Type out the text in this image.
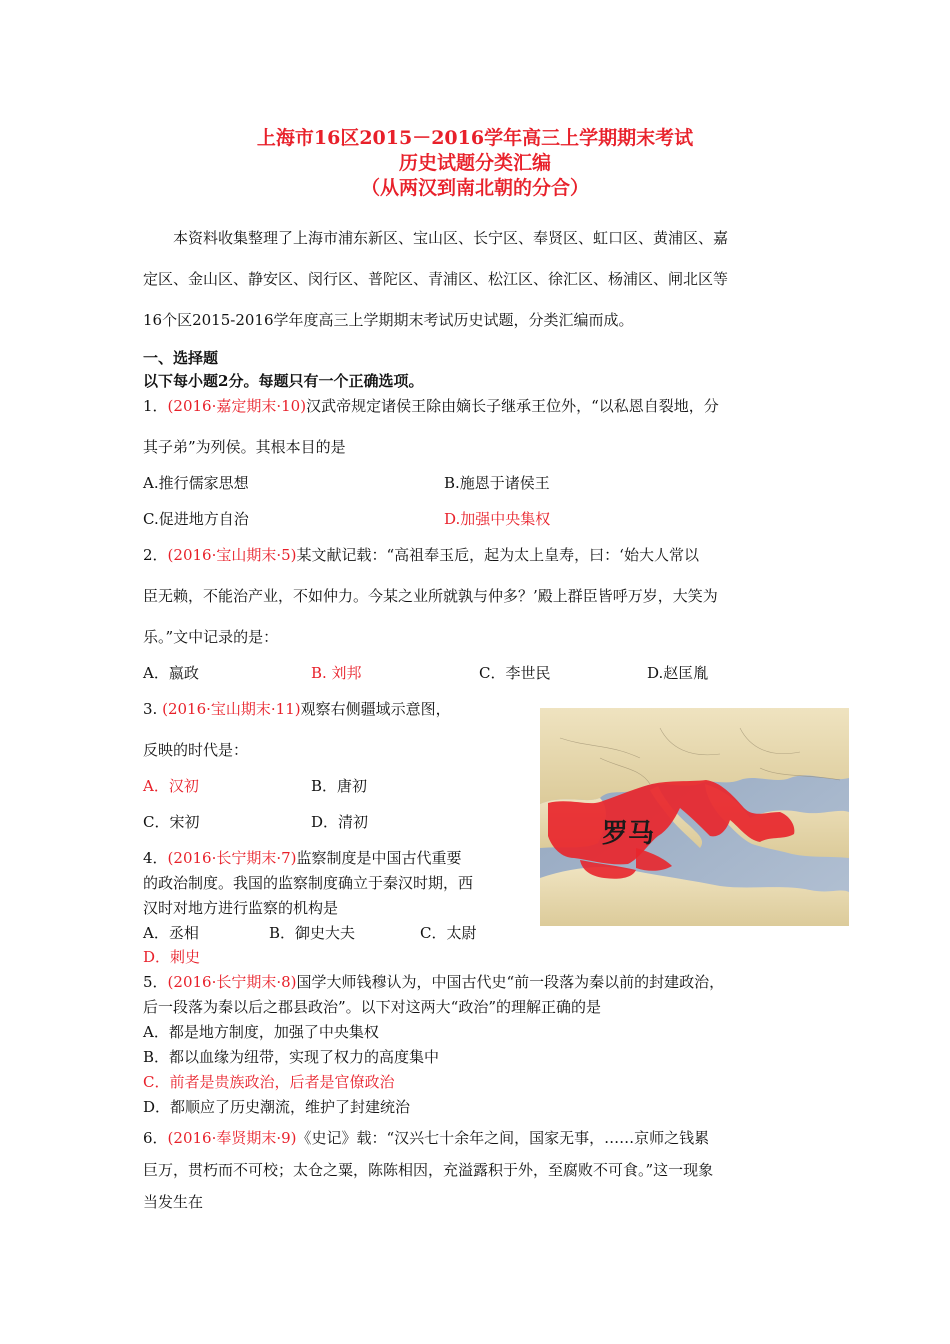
上海市16区2015－2016学年高三上学期期末考试
历史试题分类汇编
（从两汉到南北朝的分合）
本资料收集整理了上海市浦东新区、宝山区、长宁区、奉贤区、虹口区、黄浦区、嘉
定区、金山区、静安区、闵行区、普陀区、青浦区、松江区、徐汇区、杨浦区、闸北区等
16个区2015-2016学年度高三上学期期末考试历史试题，分类汇编而成。
一、选择题
以下每小题2分。每题只有一个正确选项。
1．(2016·嘉定期末·10)汉武帝规定诸侯王除由嫡长子继承王位外，“以私恩自裂地，分
其子弟”为列侯。其根本目的是
A.推行儒家思想	B.施恩于诸侯王
C.促进地方自治	D.加强中央集权
2．(2016·宝山期末·5)某文献记载：“高祖奉玉卮，起为太上皇寿，曰：‘始大人常以
臣无赖，不能治产业，不如仲力。今某之业所就孰与仲多？’殿上群臣皆呼万岁，大笑为
乐。”文中记录的是：
A．嬴政	B. 刘邦	C．李世民	D.赵匡胤
3. (2016·宝山期末·11)观察右侧疆域示意图，
反映的时代是：
A．汉初	B．唐初
C．宋初	D．清初	罗马
4．(2016·长宁期末·7)监察制度是中国古代重要
的政治制度。我国的监察制度确立于秦汉时期，西
汉时对地方进行监察的机构是
A．丞相	B．御史大夫	C．太尉
D．刺史
5．(2016·长宁期末·8)国学大师钱穆认为，中国古代史“前一段落为秦以前的封建政治，
后一段落为秦以后之郡县政治”。以下对这两大“政治”的理解正确的是
A．都是地方制度，加强了中央集权
B．都以血缘为纽带，实现了权力的高度集中
C．前者是贵族政治，后者是官僚政治
D．都顺应了历史潮流，维护了封建统治
6．(2016·奉贤期末·9)《史记》载：“汉兴七十余年之间，国家无事，……京师之钱累
巨万，贯朽而不可校；太仓之粟，陈陈相因，充溢露积于外，至腐败不可食。”这一现象
当发生在
